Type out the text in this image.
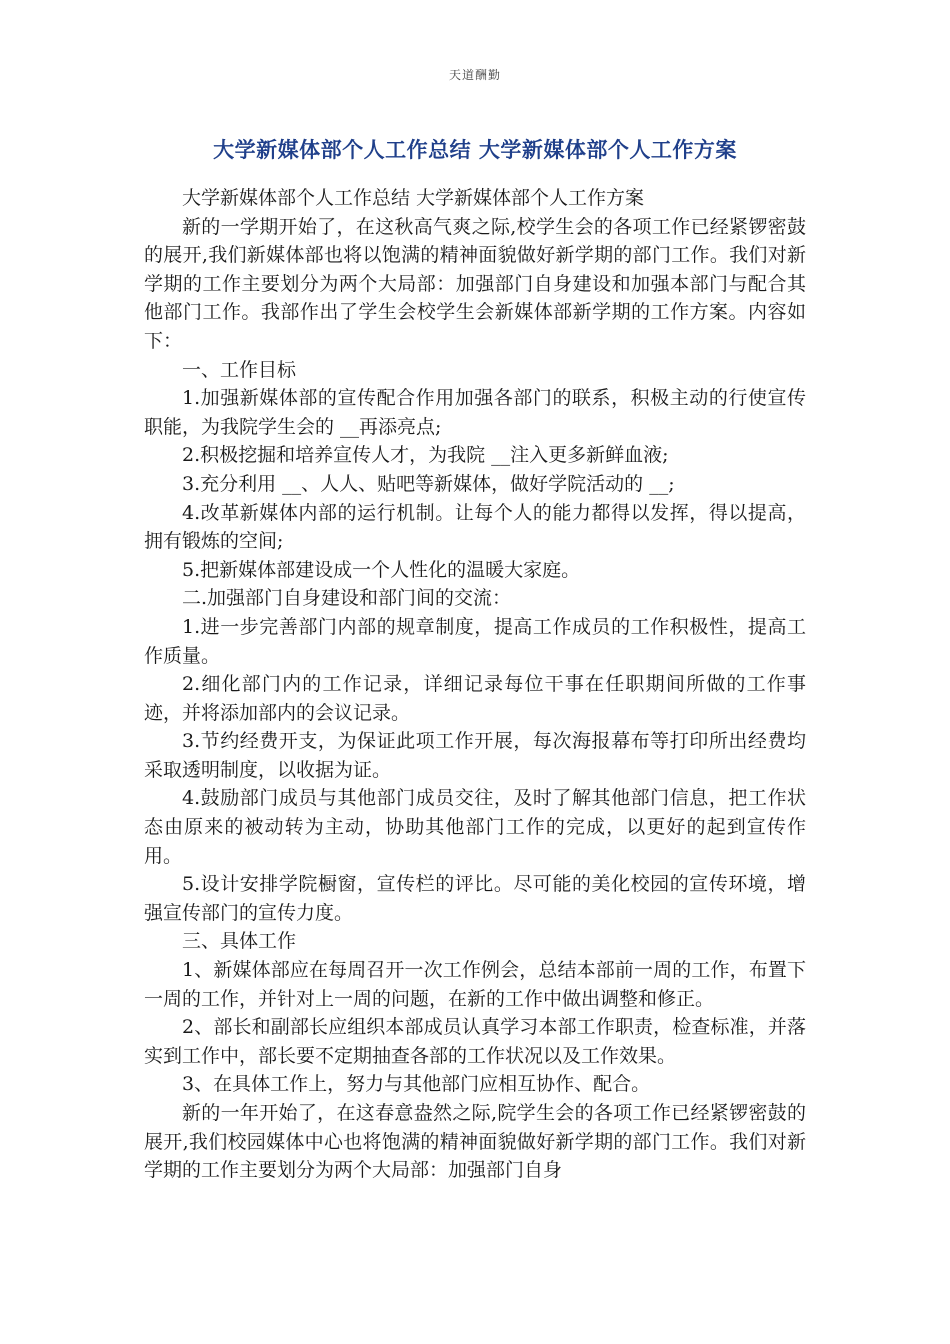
天道酬勤
大学新媒体部个人工作总结 大学新媒体部个人工作方案

大学新媒体部个人工作总结 大学新媒体部个人工作方案

新的一学期开始了，在这秋高气爽之际,校学生会的各项工作已经紧锣密鼓的展开,我们新媒体部也将以饱满的精神面貌做好新学期的部门工作。我们对新学期的工作主要划分为两个大局部：加强部门自身建设和加强本部门与配合其他部门工作。我部作出了学生会校学生会新媒体部新学期的工作方案。内容如下：

一、工作目标

1.加强新媒体部的宣传配合作用加强各部门的联系，积极主动的行使宣传职能，为我院学生会的 __再添亮点;

2.积极挖掘和培养宣传人才，为我院 __注入更多新鲜血液;

3.充分利用 __、人人、贴吧等新媒体，做好学院活动的 __;

4.改革新媒体内部的运行机制。让每个人的能力都得以发挥，得以提高，拥有锻炼的空间;

5.把新媒体部建设成一个人性化的温暖大家庭。

二.加强部门自身建设和部门间的交流：

1.进一步完善部门内部的规章制度，提高工作成员的工作积极性，提高工作质量。

2.细化部门内的工作记录，详细记录每位干事在任职期间所做的工作事迹，并将添加部内的会议记录。

3.节约经费开支，为保证此项工作开展，每次海报幕布等打印所出经费均采取透明制度，以收据为证。

4.鼓励部门成员与其他部门成员交往，及时了解其他部门信息，把工作状态由原来的被动转为主动，协助其他部门工作的完成，以更好的起到宣传作用。

5.设计安排学院橱窗，宣传栏的评比。尽可能的美化校园的宣传环境，增强宣传部门的宣传力度。

三、具体工作

1、新媒体部应在每周召开一次工作例会，总结本部前一周的工作，布置下一周的工作，并针对上一周的问题，在新的工作中做出调整和修正。

2、部长和副部长应组织本部成员认真学习本部工作职责，检查标准，并落实到工作中，部长要不定期抽查各部的工作状况以及工作效果。

3、在具体工作上，努力与其他部门应相互协作、配合。

新的一年开始了，在这春意盎然之际,院学生会的各项工作已经紧锣密鼓的展开,我们校园媒体中心也将饱满的精神面貌做好新学期的部门工作。我们对新学期的工作主要划分为两个大局部：加强部门自身
